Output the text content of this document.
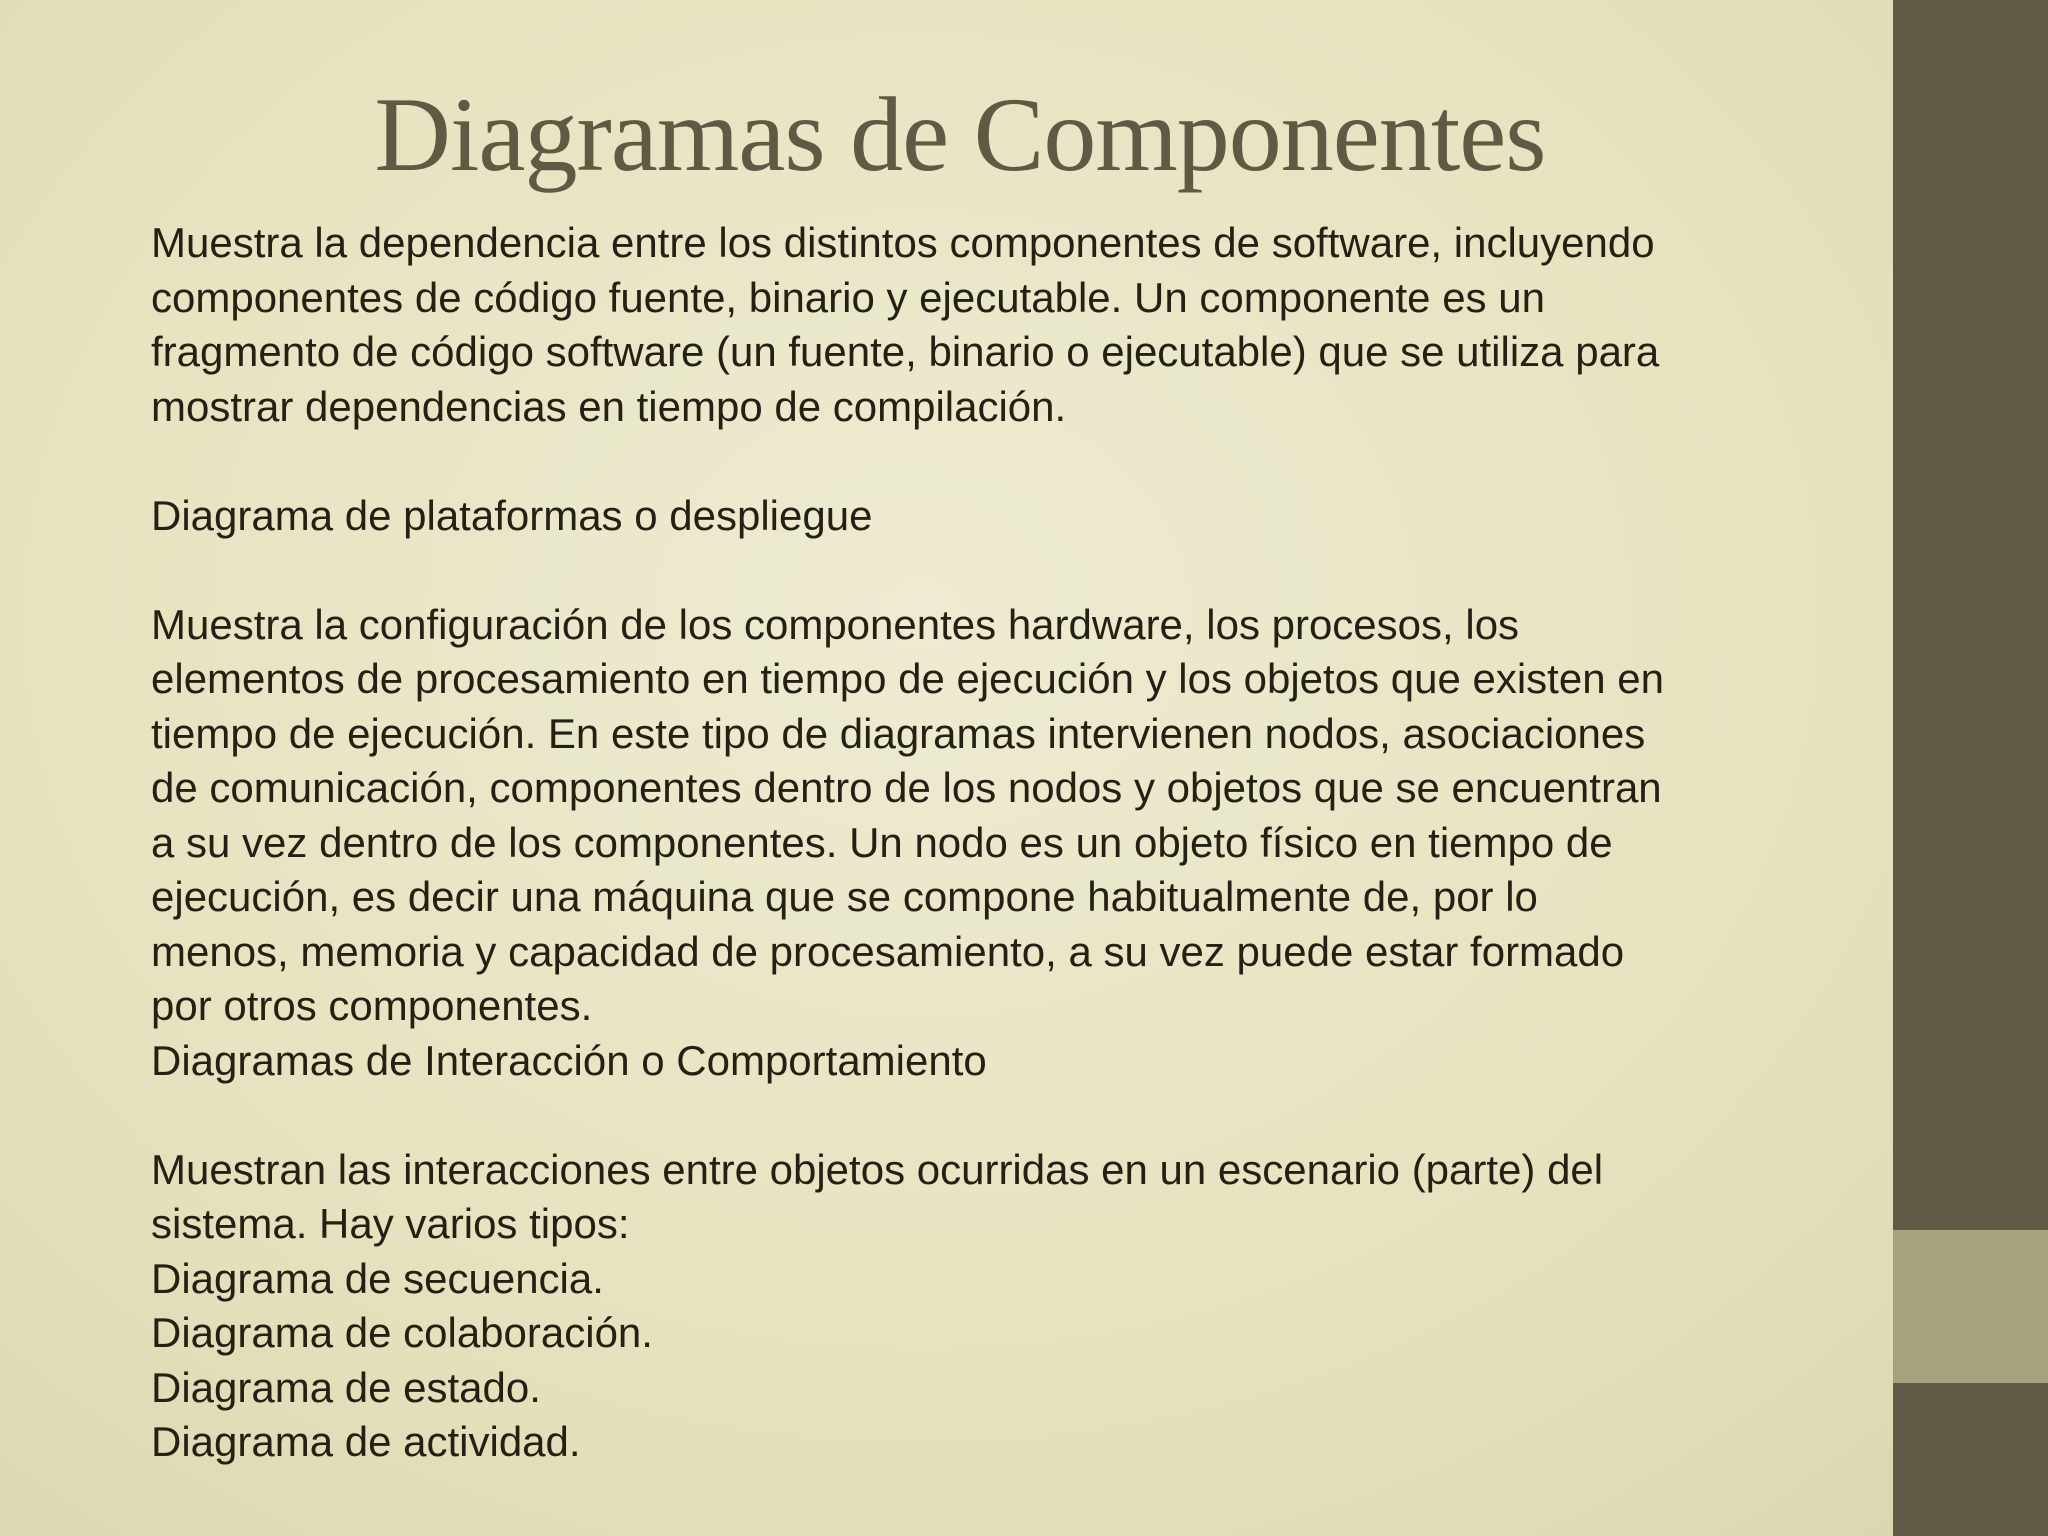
Diagramas de Componentes
Muestra la dependencia entre los distintos componentes de software, incluyendo
componentes de código fuente, binario y ejecutable. Un componente es un
fragmento de código software (un fuente, binario o ejecutable) que se utiliza para
mostrar dependencias en tiempo de compilación.
Diagrama de plataformas o despliegue
Muestra la configuración de los componentes hardware, los procesos, los
elementos de procesamiento en tiempo de ejecución y los objetos que existen en
tiempo de ejecución. En este tipo de diagramas intervienen nodos, asociaciones
de comunicación, componentes dentro de los nodos y objetos que se encuentran
a su vez dentro de los componentes. Un nodo es un objeto físico en tiempo de
ejecución, es decir una máquina que se compone habitualmente de, por lo
menos, memoria y capacidad de procesamiento, a su vez puede estar formado
por otros componentes.
Diagramas de Interacción o Comportamiento
Muestran las interacciones entre objetos ocurridas en un escenario (parte) del
sistema. Hay varios tipos:
Diagrama de secuencia.
Diagrama de colaboración.
Diagrama de estado.
Diagrama de actividad.
